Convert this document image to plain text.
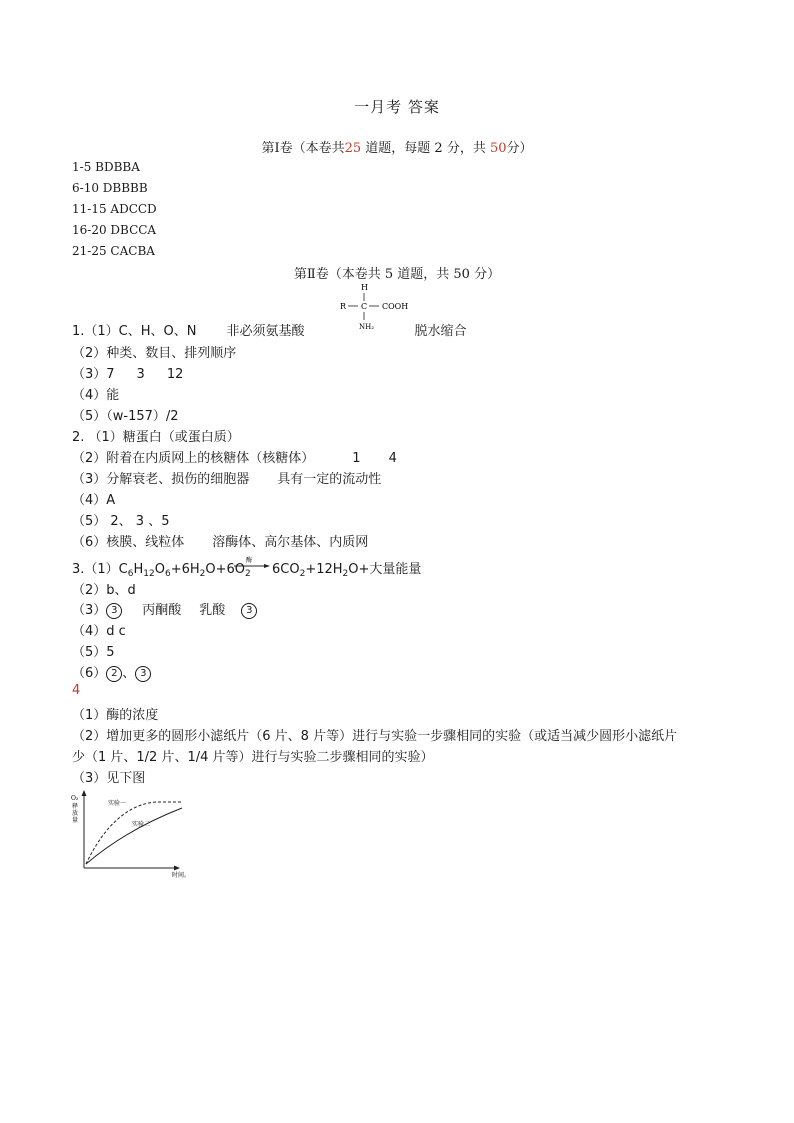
一月考 答案
第Ⅰ卷（本卷共25 道题，每题 2 分，共 50分）
1-5 BDBBA
6-10 DBBBB
11-15 ADCCD
16-20 DBCCA
21-25 CACBA
第Ⅱ卷（本卷共 5 道题，共 50 分）
H
R C COOH
NH₂
1.（1）C、H、O、N 非必须氨基酸	脱水缩合
（2）种类、数目、排列顺序
（3）7 3 12
（4）能
（5）（w-157）/2
2. （1）糖蛋白（或蛋白质）
（2）附着在内质网上的核糖体（核糖体）	1 4
（3）分解衰老、损伤的细胞器 具有一定的流动性
（4）A
（5） 2、 3 、5
（6）核膜、线粒体 溶酶体、高尔基体、内质网
$3.(1)C_6H_{12}O_6+6H_2O+6O_2$
酶
$6CO_2+12H_2O+$大量能量
（2）b、d
（3） 3 丙酮酸 乳酸 3
（4）d c
（5）5
（6） 2 、 3
4
（1）酶的浓度
（2）增加更多的圆形小滤纸片（6 片、8 片等）进行与实验一步骤相同的实验（或适当减少圆形小滤纸片
少（1 片、1/2 片、1/4 片等）进行与实验二步骤相同的实验）
（3）见下图
O₂
释
放
量
时间。
实验一
实验二
